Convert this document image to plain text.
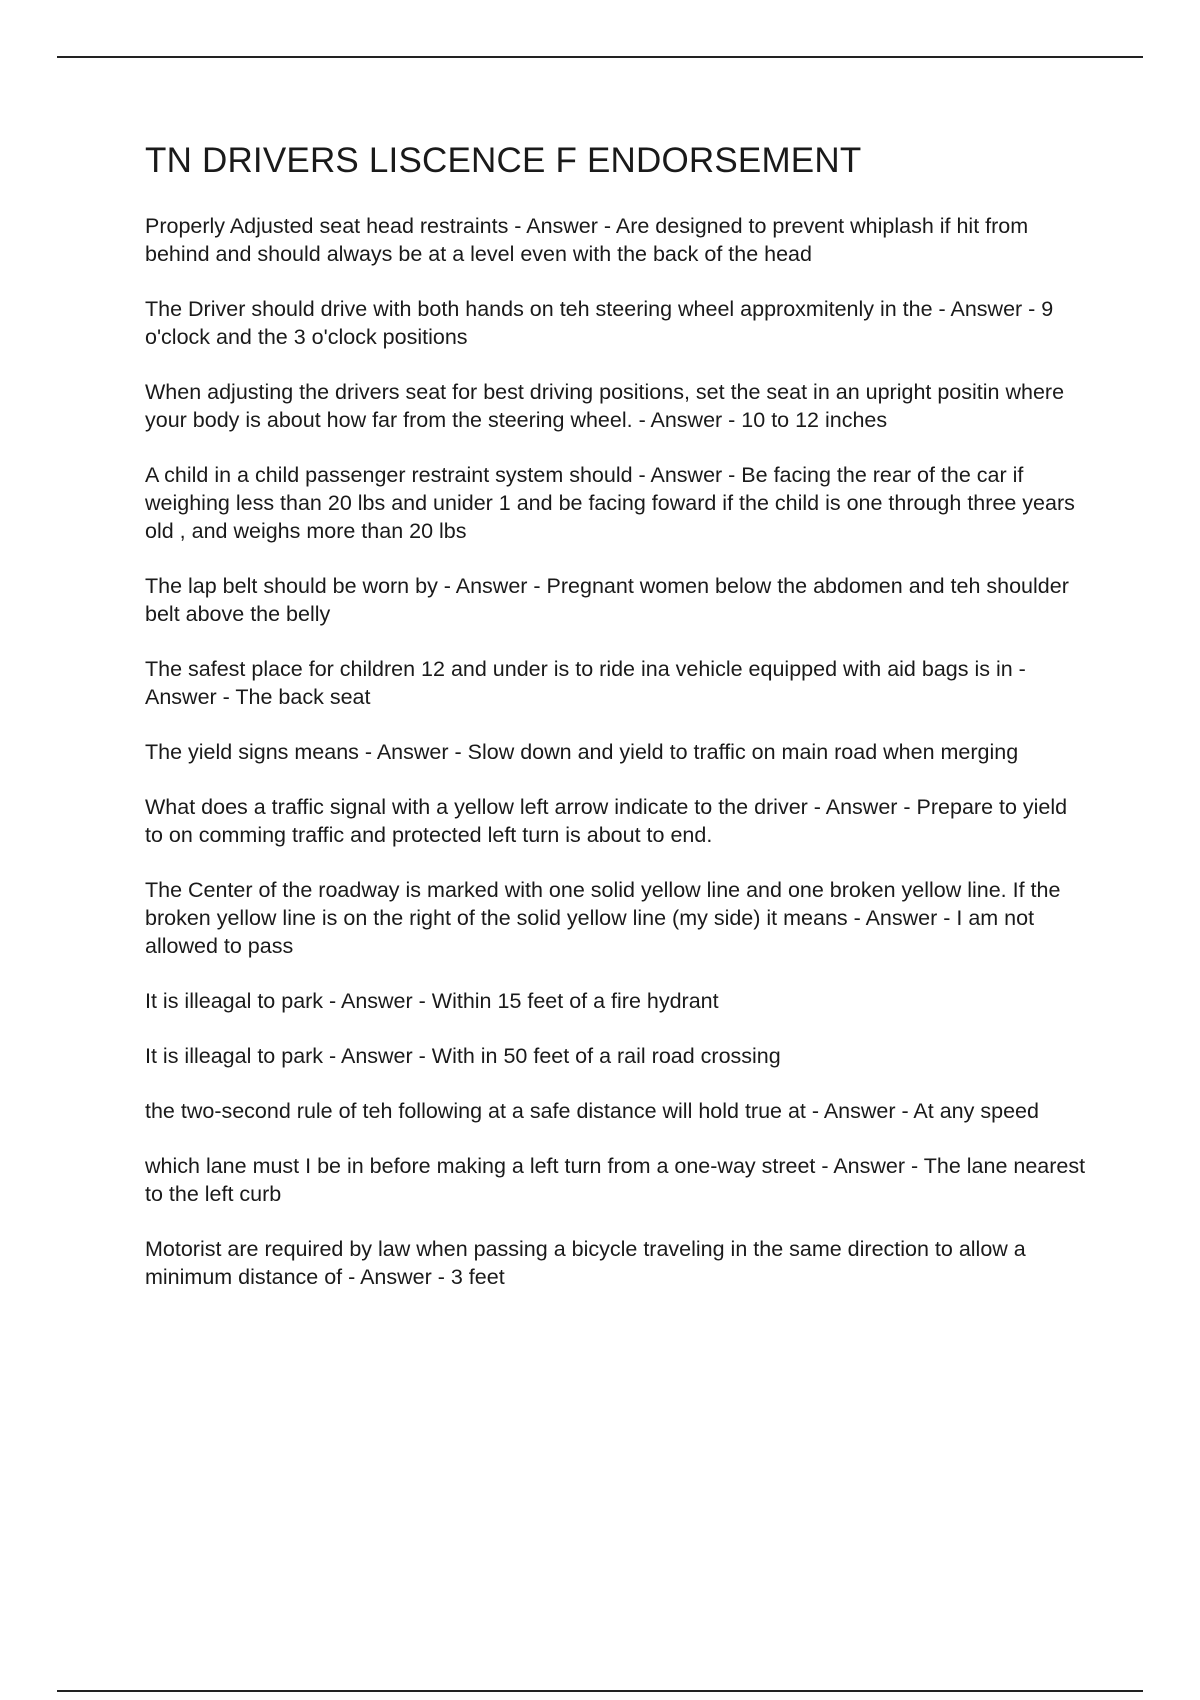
TN DRIVERS LISCENCE F ENDORSEMENT
Properly Adjusted seat head restraints - Answer - Are designed to prevent whiplash if hit from behind and should always be at a level even with the back of the head
The Driver should drive with both hands on teh steering wheel approxmitenly in the - Answer - 9 o'clock and the 3 o'clock positions
When adjusting the drivers seat for best driving positions, set the seat in an upright positin where your body is about how far from the steering wheel. - Answer - 10 to 12 inches
A child in a child passenger restraint system should - Answer - Be facing the rear of the car if weighing less than 20 lbs and unider 1 and be facing foward if the child is one through three years old , and weighs more than 20 lbs
The lap belt should be worn by - Answer - Pregnant women below the abdomen and teh shoulder belt above the belly
The safest place for children 12 and under is to ride ina vehicle equipped with aid bags is in - Answer - The back seat
The yield signs means - Answer - Slow down and yield to traffic on main road when merging
What does a traffic signal with a yellow left arrow indicate to the driver - Answer - Prepare to yield to on comming traffic and protected left turn is about to end.
The Center of the roadway is marked with one solid yellow line and one broken yellow line. If the broken yellow line is on the right of the solid yellow line (my side) it means - Answer - I am not allowed to pass
It is illeagal to park - Answer - Within 15 feet of a fire hydrant
It is illeagal to park - Answer - With in 50 feet of a rail road crossing
the two-second rule of teh following at a safe distance will hold true at - Answer - At any speed
which lane must I be in before making a left turn from a one-way street - Answer - The lane nearest to the left curb
Motorist are required by law when passing a bicycle traveling in the same direction to allow a minimum distance of - Answer - 3 feet
